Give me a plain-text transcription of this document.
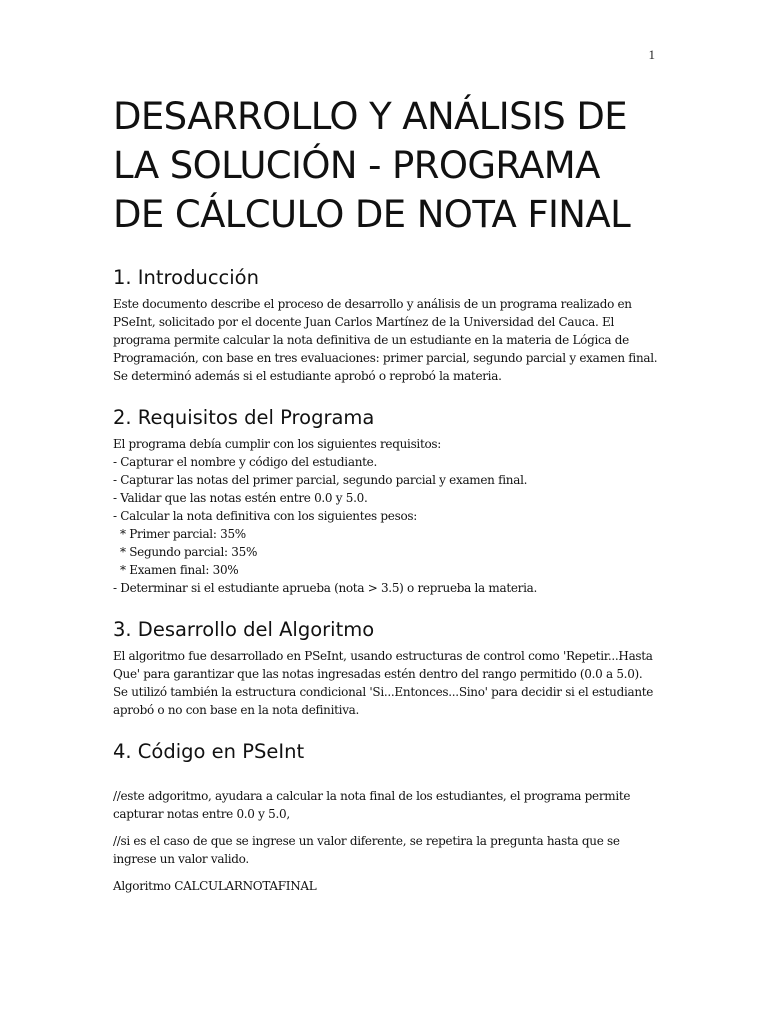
1
DESARROLLO Y ANÁLISIS DE LA SOLUCIÓN - PROGRAMA DE CÁLCULO DE NOTA FINAL
1. Introducción

Este documento describe el proceso de desarrollo y análisis de un programa realizado en PSeInt, solicitado por el docente Juan Carlos Martínez de la Universidad del Cauca. El programa permite calcular la nota definitiva de un estudiante en la materia de Lógica de Programación, con base en tres evaluaciones: primer parcial, segundo parcial y examen final. Se determinó además si el estudiante aprobó o reprobó la materia.

2. Requisitos del Programa
El programa debía cumplir con los siguientes requisitos:
- Capturar el nombre y código del estudiante.
- Capturar las notas del primer parcial, segundo parcial y examen final.
- Validar que las notas estén entre 0.0 y 5.0.
- Calcular la nota definitiva con los siguientes pesos:
* Primer parcial: 35%
* Segundo parcial: 35%
* Examen final: 30%
- Determinar si el estudiante aprueba (nota > 3.5) o reprueba la materia.
3. Desarrollo del Algoritmo

El algoritmo fue desarrollado en PSeInt, usando estructuras de control como 'Repetir...Hasta Que' para garantizar que las notas ingresadas estén dentro del rango permitido (0.0 a 5.0). Se utilizó también la estructura condicional 'Si...Entonces...Sino' para decidir si el estudiante aprobó o no con base en la nota definitiva.

4. Código en PSeInt

//este adgoritmo, ayudara a calcular la nota final de los estudiantes, el programa permite capturar notas entre 0.0 y 5.0,

//si es el caso de que se ingrese un valor diferente, se repetira la pregunta hasta que se ingrese un valor valido.

Algoritmo CALCULARNOTAFINAL
